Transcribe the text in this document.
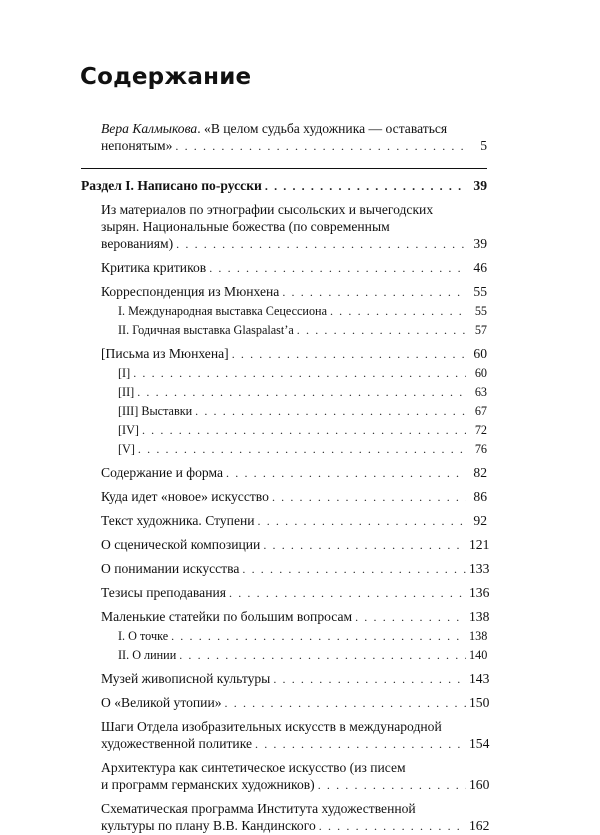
Содержание
Вера Калмыкова. «В целом судьба художника — оставаться
непонятым» . . .	5
Раздел I. Написано по-русски . . .	39
Из материалов по этнографии сысольских и вычегодских
зырян. Национальные божества (по современным
верованиям) . . .	39
Критика критиков . . .	46
Корреспонденция из Мюнхена . . .	55
I. Международная выставка Сецессиона . . .	55
II. Годичная выставка Glaspalast’а . . .	57
[Письма из Мюнхена] . . .	60
[I] . . .	60
[II] . . .	63
[III] Выставки . . .	67
[IV] . . .	72
[V] . . .	76
Содержание и форма . . .	82
Куда идет «новое» искусство . . .	86
Текст художника. Ступени . . .	92
О сценической композиции . . .	121
О понимании искусства . . .	133
Тезисы преподавания . . .	136
Маленькие статейки по большим вопросам . . .	138
I. О точке . . .	138
II. О линии . . .	140
Музей живописной культуры . . .	143
О «Великой утопии» . . .	150
Шаги Отдела изобразительных искусств в международной
художественной политике . . .	154
Архитектура как синтетическое искусство (из писем
и программ германских художников) . . .	160
Схематическая программа Института художественной
культуры по плану В.В. Кандинского . . .	162
